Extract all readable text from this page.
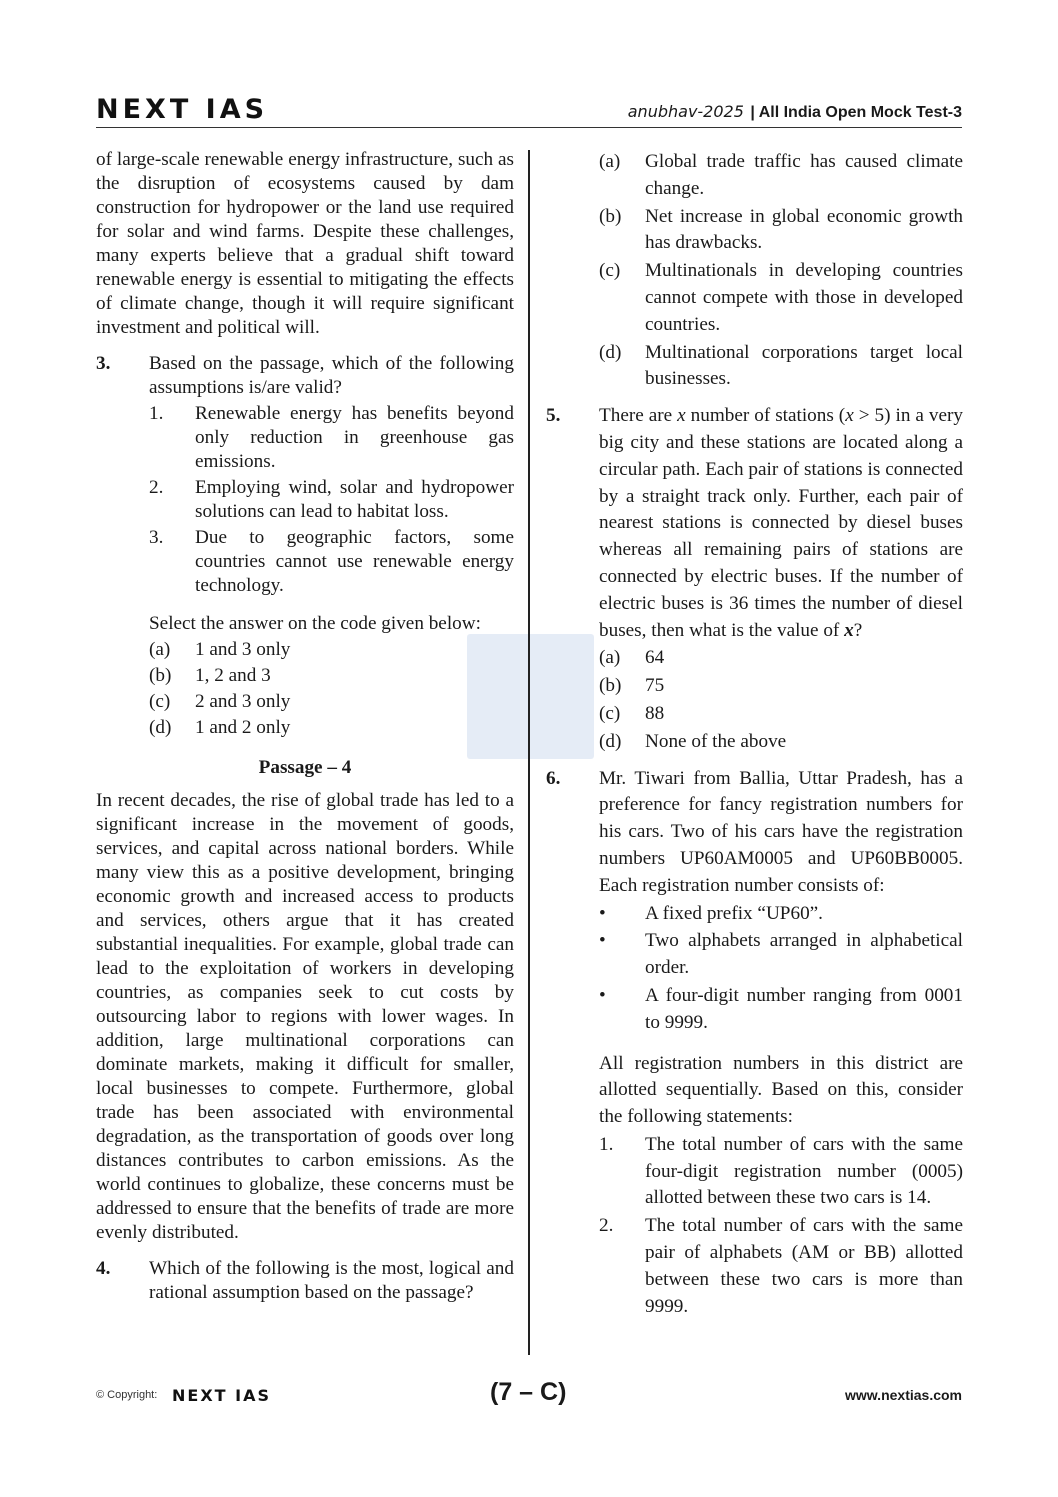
NEXT IAS	anubhav-2025 | All India Open Mock Test-3

of large-scale renewable energy infrastructure, such as the disruption of ecosystems caused by dam construction for hydropower or the land use required for solar and wind farms. Despite these challenges, many experts believe that a gradual shift toward renewable energy is essential to mitigating the effects of climate change, though it will require significant investment and political will.

3.	Based on the passage, which of the following assumptions is/are valid?

1.	Renewable energy has benefits beyond only reduction in greenhouse gas emissions.
2.	Employing wind, solar and hydropower solutions can lead to habitat loss.
3.	Due to geographic factors, some countries cannot use renewable energy technology.

Select the answer on the code given below:

(a)	1 and 3 only
(b)	1, 2 and 3
(c)	2 and 3 only
(d)	1 and 2 only

Passage – 4

In recent decades, the rise of global trade has led to a significant increase in the movement of goods, services, and capital across national borders. While many view this as a positive development, bringing economic growth and increased access to products and services, others argue that it has created substantial inequalities. For example, global trade can lead to the exploitation of workers in developing countries, as companies seek to cut costs by outsourcing labor to regions with lower wages. In addition, large multinational corporations can dominate markets, making it difficult for smaller, local businesses to compete. Furthermore, global trade has been associated with environmental degradation, as the transportation of goods over long distances contributes to carbon emissions. As the world continues to globalize, these concerns must be addressed to ensure that the benefits of trade are more evenly distributed.

4.	Which of the following is the most, logical and rational assumption based on the passage?

(a)	Global trade traffic has caused climate change.
(b)	Net increase in global economic growth has drawbacks.
(c)	Multinationals in developing countries cannot compete with those in developed countries.
(d)	Multinational corporations target local businesses.
5.	There are x number of stations (x > 5) in a very big city and these stations are located along a circular path. Each pair of stations is connected by a straight track only. Further, each pair of nearest stations is connected by diesel buses whereas all remaining pairs of stations are connected by electric buses. If the number of electric buses is 36 times the number of diesel buses, then what is the value of x?

(a)	64
(b)	75
(c)	88
(d)	None of the above
6.	Mr. Tiwari from Ballia, Uttar Pradesh, has a preference for fancy registration numbers for his cars. Two of his cars have the registration numbers UP60AM0005 and UP60BB0005. Each registration number consists of:

•	A fixed prefix “UP60”.
•	Two alphabets arranged in alphabetical order.
•	A four-digit number ranging from 0001 to 9999.

All registration numbers in this district are allotted sequentially. Based on this, consider the following statements:

1.	The total number of cars with the same four-digit registration number (0005) allotted between these two cars is 14.
2.	The total number of cars with the same pair of alphabets (AM or BB) allotted between these two cars is more than 9999.
© Copyright: NEXT IAS	(7 – C)	www.nextias.com
